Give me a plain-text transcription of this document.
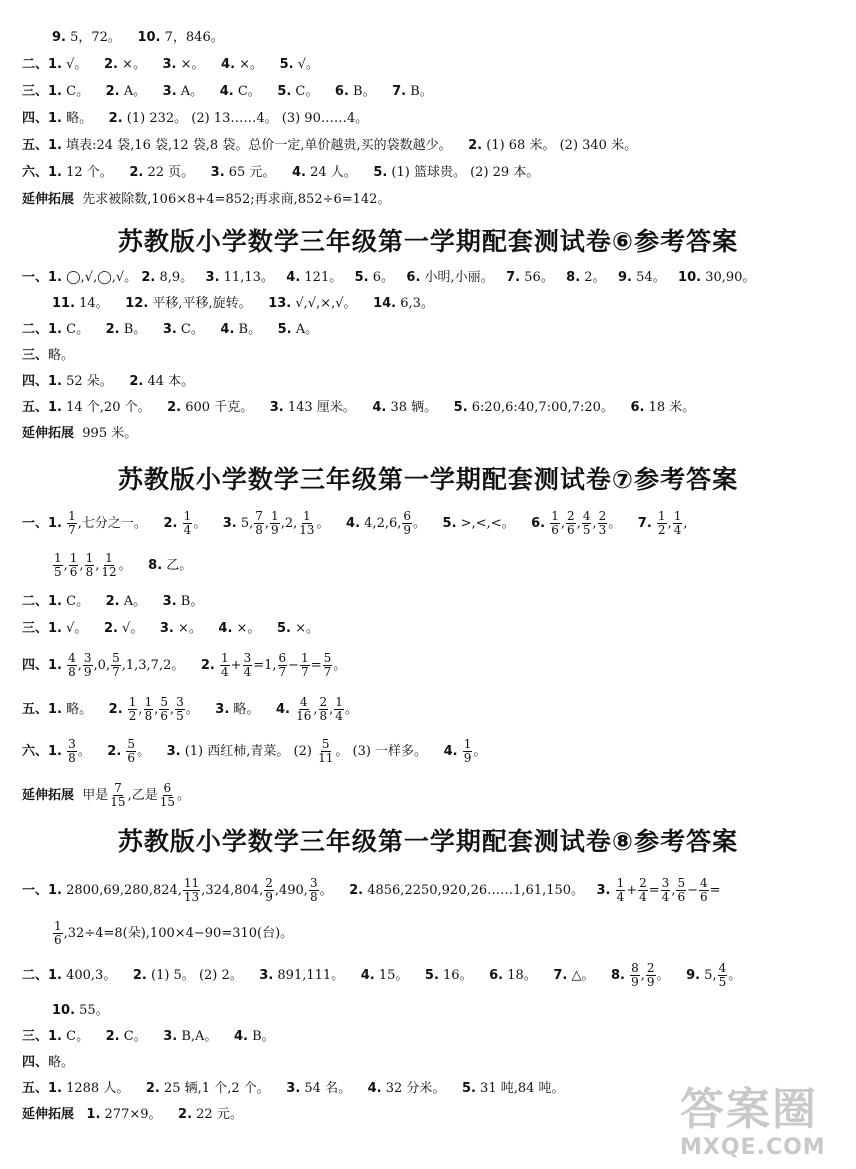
9. 5，72。 10. 7，846。
二、1. √。 2. ×。 3. ×。 4. ×。 5. √。
三、1. C。 2. A。 3. A。 4. C。 5. C。 6. B。 7. B。
四、1. 略。 2. (1) 232。 (2) 13……4。 (3) 90……4。
五、1. 填表:24 袋,16 袋,12 袋,8 袋。总价一定,单价越贵,买的袋数越少。 2. (1) 68 米。 (2) 340 米。
六、1. 12 个。 2. 22 页。 3. 65 元。 4. 24 人。 5. (1) 篮球贵。 (2) 29 本。
延伸拓展 先求被除数,106×8+4=852;再求商,852÷6=142。
苏教版小学数学三年级第一学期配套测试卷⑥参考答案
一、1. ◯,√,◯,√。 2. 8,9。 3. 11,13。 4. 121。 5. 6。 6. 小明,小丽。 7. 56。 8. 2。 9. 54。 10. 30,90。
11. 14。 12. 平移,平移,旋转。 13. √,√,×,√。 14. 6,3。
二、1. C。 2. B。 3. C。 4. B。 5. A。
三、略。
四、1. 52 朵。 2. 44 本。
五、1. 14 个,20 个。 2. 600 千克。 3. 143 厘米。 4. 38 辆。 5. 6:20,6:40,7:00,7:20。 6. 18 米。
延伸拓展 995 米。
苏教版小学数学三年级第一学期配套测试卷⑦参考答案
一、1. $\frac{1}{7}$ ,七分之一。 2. $\frac{1}{4}$ 。    3. 5, $\frac{7}{8}$ , $\frac{1}{9} ,2$, $\frac{1}{13}$ 。    4. 4,2,6, $\frac{6}{9}$ 。    5. >,<,<。 6. $\frac{1}{6}$ , $\frac{2}{6}$ , $\frac{4}{5}$ , $\frac{2}{3}$ 。    7. $\frac{1}{2}$ , $\frac{1}{4}$ ,
$\frac{1}{5}$ , $\frac{1}{6}$ , $\frac{1}{8}$ , $\frac{1}{12}$ 。    8. 乙。
二、1. C。 2. A。 3. B。
三、1. √。 2. √。 3. ×。 4. ×。 5. ×。
四、1. $\frac{4}{8}$ , $\frac{3}{9} ,0$, $\frac{5}{7} ,1,3,7,2$。 2. $\frac{1}{4} + \frac{3}{4} =1$, $\frac{6}{7} - \frac{1}{7} = \frac{5}{7}$ 。
五、1. 略。 2. $\frac{1}{2}$ , $\frac{1}{8}$ , $\frac{5}{6}$ , $\frac{3}{5}$ 。    3. 略。 4. $\frac{4}{16}$ , $\frac{2}{8}$ , $\frac{1}{4}$ 。
六、1. $\frac{3}{8}$ 。    2. $\frac{5}{6}$ 。    3. (1) 西红柿,青菜。 $(2) \frac{5}{11}$ 。 (3) 一样多。 4. $\frac{1}{9}$ 。
延伸拓展 甲是 $\frac{7}{15}$ ,乙是 $\frac{6}{15}$ 。
苏教版小学数学三年级第一学期配套测试卷⑧参考答案
一、1. 2800,69,280,824, $\frac{11}{13} ,324,804$, $\frac{2}{9} ,490$, $\frac{3}{8}$ 。    2. 4856,2250,920,26……1,61,150。 3. $\frac{1}{4} + \frac{2}{4} = \frac{3}{4}$ , $\frac{5}{6} - \frac{4}{6}$ =
$\frac{1}{6} ,32\div 4=8$(朵),100×4−90=310(台)。
二、1. 400,3。 2. (1) 5。 (2) 2。 3. 891,111。 4. 15。 5. 16。 6. 18。 7. △。 8. $\frac{8}{9}$ , $\frac{2}{9}$ 。    9. 5, $\frac{4}{5}$ 。
10. 55。
三、1. C。 2. C。 3. B,A。 4. B。
四、略。
五、1. 1288 人。 2. 25 辆,1 个,2 个。 3. 54 名。 4. 32 分米。 5. 31 吨,84 吨。
延伸拓展 1. 277×9。 2. 22 元。	答案圈
MXQE.COM
